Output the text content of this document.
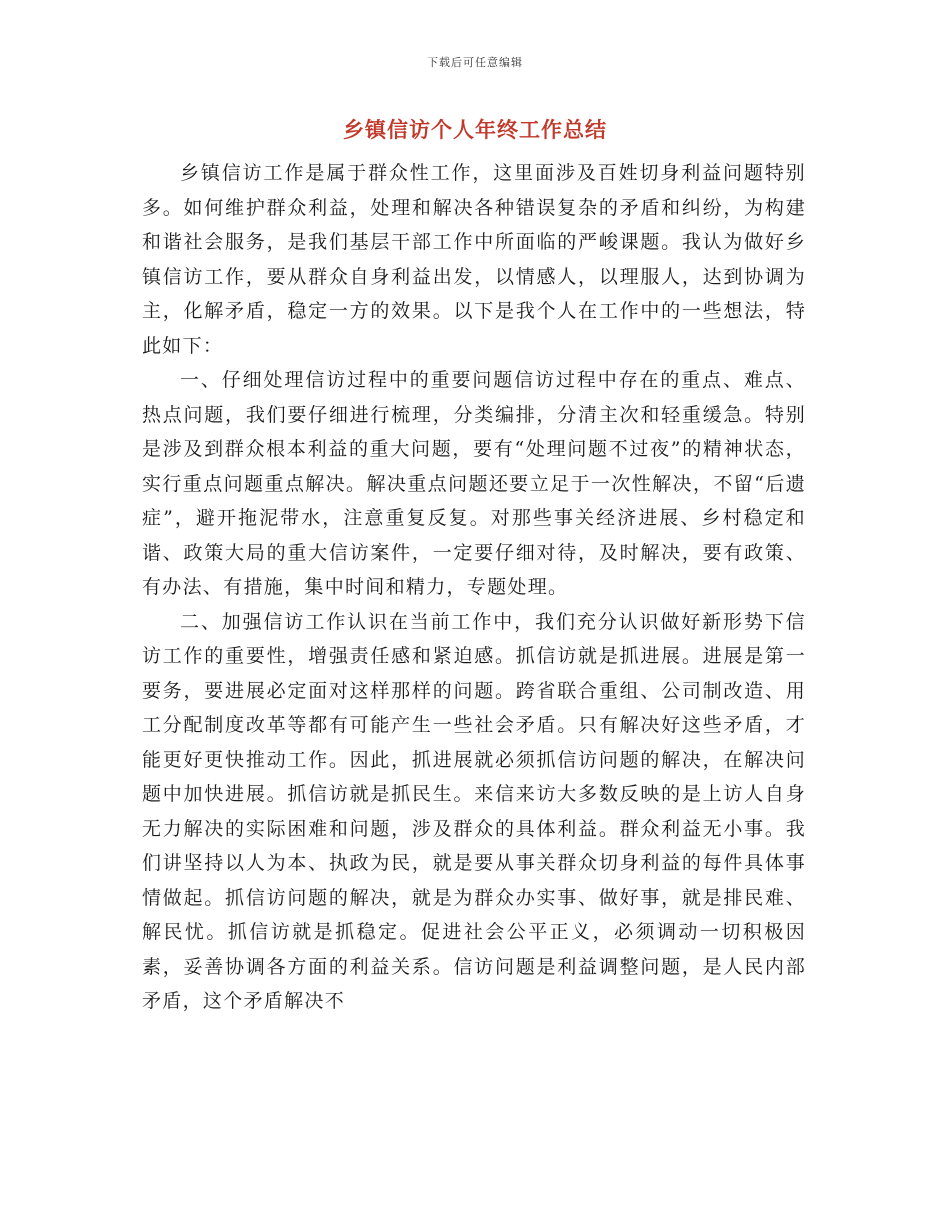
下载后可任意编辑
乡镇信访个人年终工作总结

乡镇信访工作是属于群众性工作，这里面涉及百姓切身利益问题特别多。如何维护群众利益，处理和解决各种错误复杂的矛盾和纠纷，为构建和谐社会服务，是我们基层干部工作中所面临的严峻课题。我认为做好乡镇信访工作，要从群众自身利益出发，以情感人，以理服人，达到协调为主，化解矛盾，稳定一方的效果。以下是我个人在工作中的一些想法，特此如下：

一、仔细处理信访过程中的重要问题信访过程中存在的重点、难点、热点问题，我们要仔细进行梳理，分类编排，分清主次和轻重缓急。特别是涉及到群众根本利益的重大问题，要有“处理问题不过夜”的精神状态，实行重点问题重点解决。解决重点问题还要立足于一次性解决，不留“后遗症”，避开拖泥带水，注意重复反复。对那些事关经济进展、乡村稳定和谐、政策大局的重大信访案件，一定要仔细对待，及时解决，要有政策、有办法、有措施，集中时间和精力，专题处理。

二、加强信访工作认识在当前工作中，我们充分认识做好新形势下信访工作的重要性，增强责任感和紧迫感。抓信访就是抓进展。进展是第一要务，要进展必定面对这样那样的问题。跨省联合重组、公司制改造、用工分配制度改革等都有可能产生一些社会矛盾。只有解决好这些矛盾，才能更好更快推动工作。因此，抓进展就必须抓信访问题的解决，在解决问题中加快进展。抓信访就是抓民生。来信来访大多数反映的是上访人自身无力解决的实际困难和问题，涉及群众的具体利益。群众利益无小事。我们讲坚持以人为本、执政为民，就是要从事关群众切身利益的每件具体事情做起。抓信访问题的解决，就是为群众办实事、做好事，就是排民难、解民忧。抓信访就是抓稳定。促进社会公平正义，必须调动一切积极因素，妥善协调各方面的利益关系。信访问题是利益调整问题，是人民内部矛盾，这个矛盾解决不
